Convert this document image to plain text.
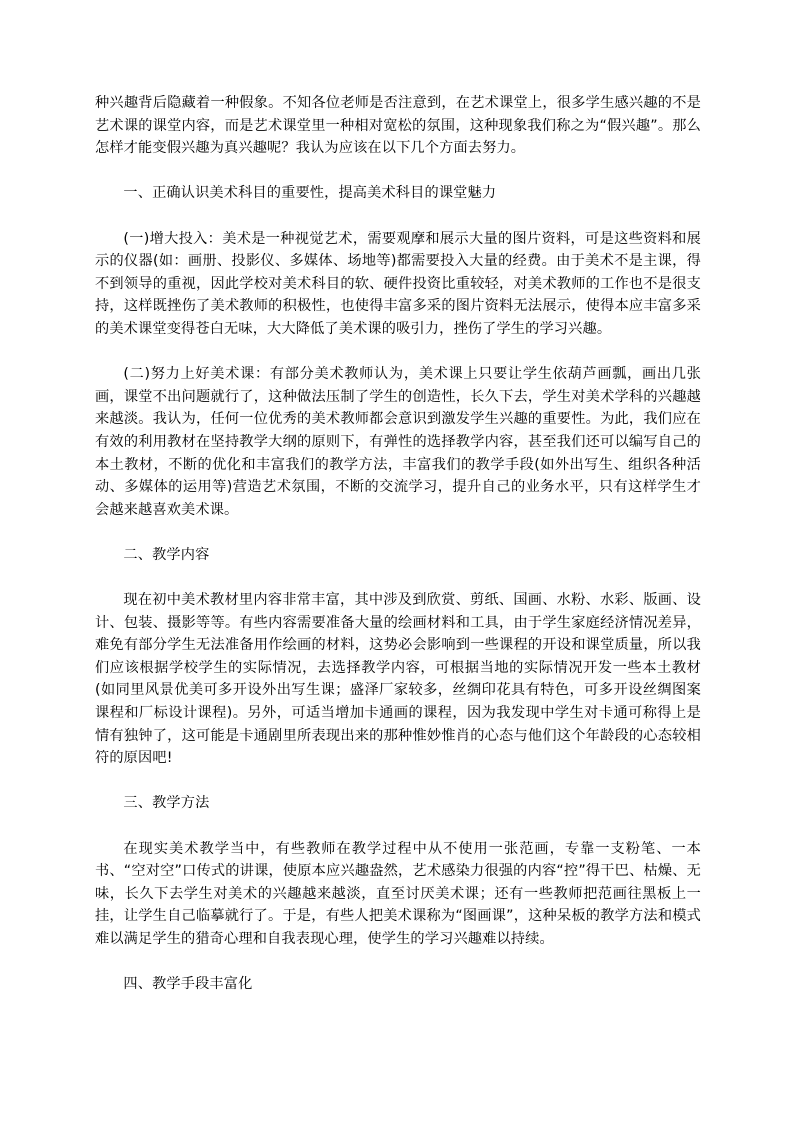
种兴趣背后隐藏着一种假象。不知各位老师是否注意到，在艺术课堂上，很多学生感兴趣的不是艺术课的课堂内容，而是艺术课堂里一种相对宽松的氛围，这种现象我们称之为“假兴趣”。那么怎样才能变假兴趣为真兴趣呢？我认为应该在以下几个方面去努力。

一、正确认识美术科目的重要性，提高美术科目的课堂魅力

(一)增大投入：美术是一种视觉艺术，需要观摩和展示大量的图片资料，可是这些资料和展示的仪器(如：画册、投影仪、多媒体、场地等)都需要投入大量的经费。由于美术不是主课，得不到领导的重视，因此学校对美术科目的软、硬件投资比重较轻，对美术教师的工作也不是很支持，这样既挫伤了美术教师的积极性，也使得丰富多采的图片资料无法展示，使得本应丰富多采的美术课堂变得苍白无味，大大降低了美术课的吸引力，挫伤了学生的学习兴趣。

(二)努力上好美术课：有部分美术教师认为，美术课上只要让学生依葫芦画瓢，画出几张画，课堂不出问题就行了，这种做法压制了学生的创造性，长久下去，学生对美术学科的兴趣越来越淡。我认为，任何一位优秀的美术教师都会意识到激发学生兴趣的重要性。为此，我们应在有效的利用教材在坚持教学大纲的原则下，有弹性的选择教学内容，甚至我们还可以编写自己的本土教材，不断的优化和丰富我们的教学方法，丰富我们的教学手段(如外出写生、组织各种活动、多媒体的运用等)营造艺术氛围，不断的交流学习，提升自己的业务水平，只有这样学生才会越来越喜欢美术课。

二、教学内容

现在初中美术教材里内容非常丰富，其中涉及到欣赏、剪纸、国画、水粉、水彩、版画、设计、包装、摄影等等。有些内容需要准备大量的绘画材料和工具，由于学生家庭经济情况差异，难免有部分学生无法准备用作绘画的材料，这势必会影响到一些课程的开设和课堂质量，所以我们应该根据学校学生的实际情况，去选择教学内容，可根据当地的实际情况开发一些本土教材(如同里风景优美可多开设外出写生课；盛泽厂家较多，丝绸印花具有特色，可多开设丝绸图案课程和厂标设计课程)。另外，可适当增加卡通画的课程，因为我发现中学生对卡通可称得上是情有独钟了，这可能是卡通剧里所表现出来的那种惟妙惟肖的心态与他们这个年龄段的心态较相符的原因吧!

三、教学方法

在现实美术教学当中，有些教师在教学过程中从不使用一张范画，专靠一支粉笔、一本书、“空对空”口传式的讲课，使原本应兴趣盎然，艺术感染力很强的内容“控”得干巴、枯燥、无味，长久下去学生对美术的兴趣越来越淡，直至讨厌美术课；还有一些教师把范画往黑板上一挂，让学生自己临摹就行了。于是，有些人把美术课称为“图画课”，这种呆板的教学方法和模式难以满足学生的猎奇心理和自我表现心理，使学生的学习兴趣难以持续。

四、教学手段丰富化
